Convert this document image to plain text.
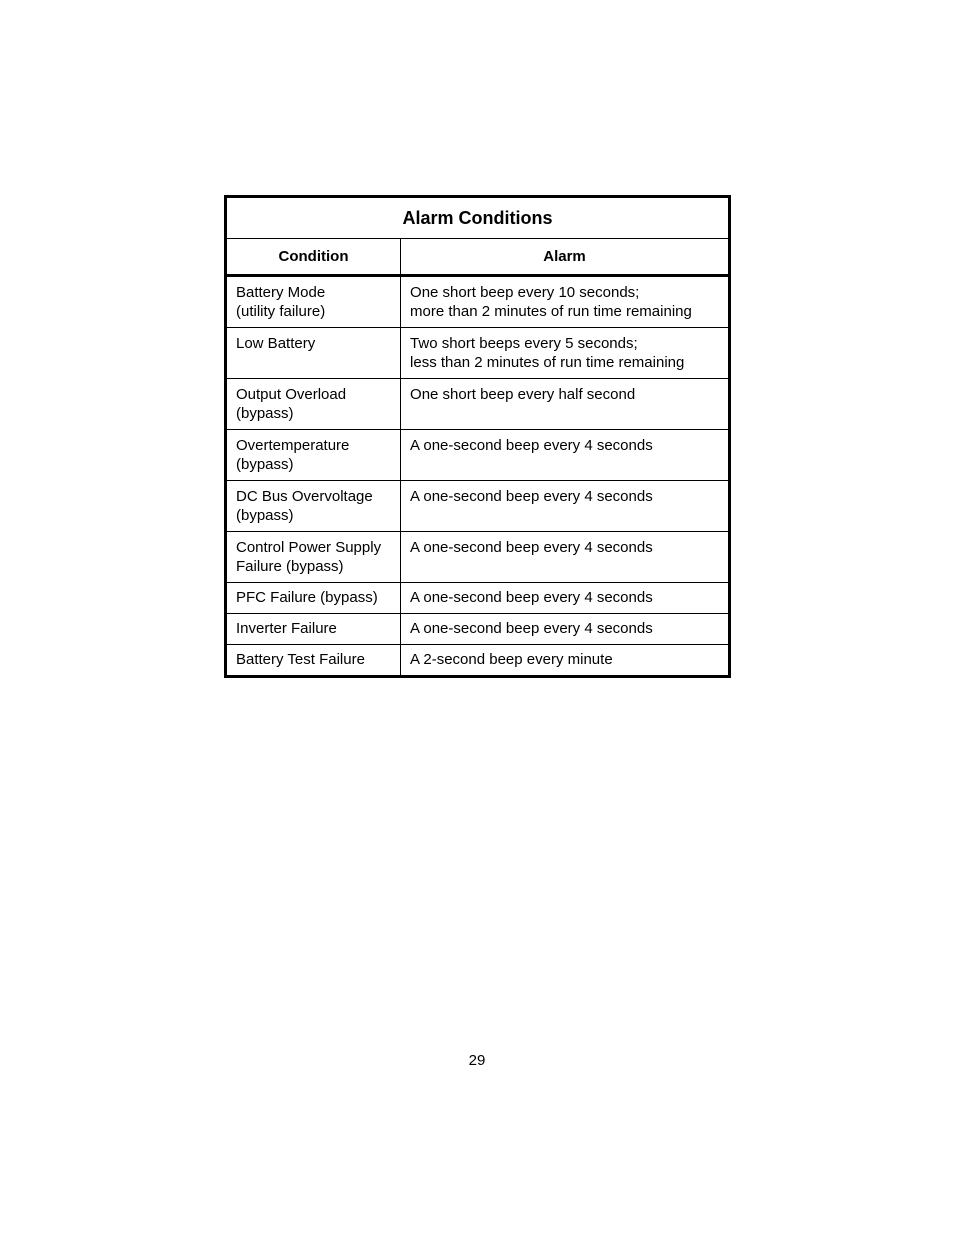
Alarm Conditions	
Condition	Alarm

Battery Mode
(utility failure)	One short beep every 10 seconds;
more than 2 minutes of run time remaining

Low Battery	Two short beeps every 5 seconds;
less than 2 minutes of run time remaining

Output Overload
(bypass)	One short beep every half second

Overtemperature
(bypass)	A one-second beep every 4 seconds

DC Bus Overvoltage
(bypass)	A one-second beep every 4 seconds

Control Power Supply
Failure (bypass)	A one-second beep every 4 seconds

PFC Failure (bypass)	A one-second beep every 4 seconds

Inverter Failure	A one-second beep every 4 seconds

Battery Test Failure	A 2-second beep every minute
29
